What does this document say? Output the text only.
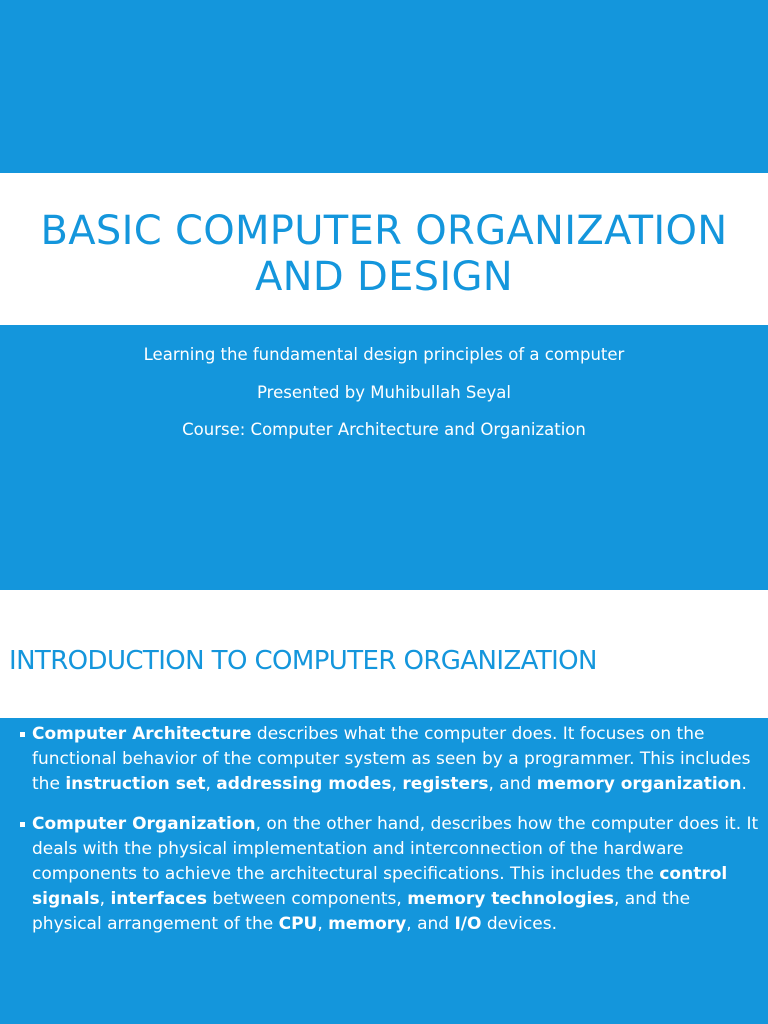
BASIC COMPUTER ORGANIZATION
AND DESIGN
Learning the fundamental design principles of a computer
Presented by Muhibullah Seyal
Course: Computer Architecture and Organization
INTRODUCTION TO COMPUTER ORGANIZATION
Computer Architecture describes what the computer does. It focuses on the functional behavior of the computer system as seen by a programmer. This includes the instruction set, addressing modes, registers, and memory organization.
Computer Organization, on the other hand, describes how the computer does it. It deals with the physical implementation and interconnection of the hardware components to achieve the architectural specifications. This includes the control signals, interfaces between components, memory technologies, and the physical arrangement of the CPU, memory, and I/O devices.
